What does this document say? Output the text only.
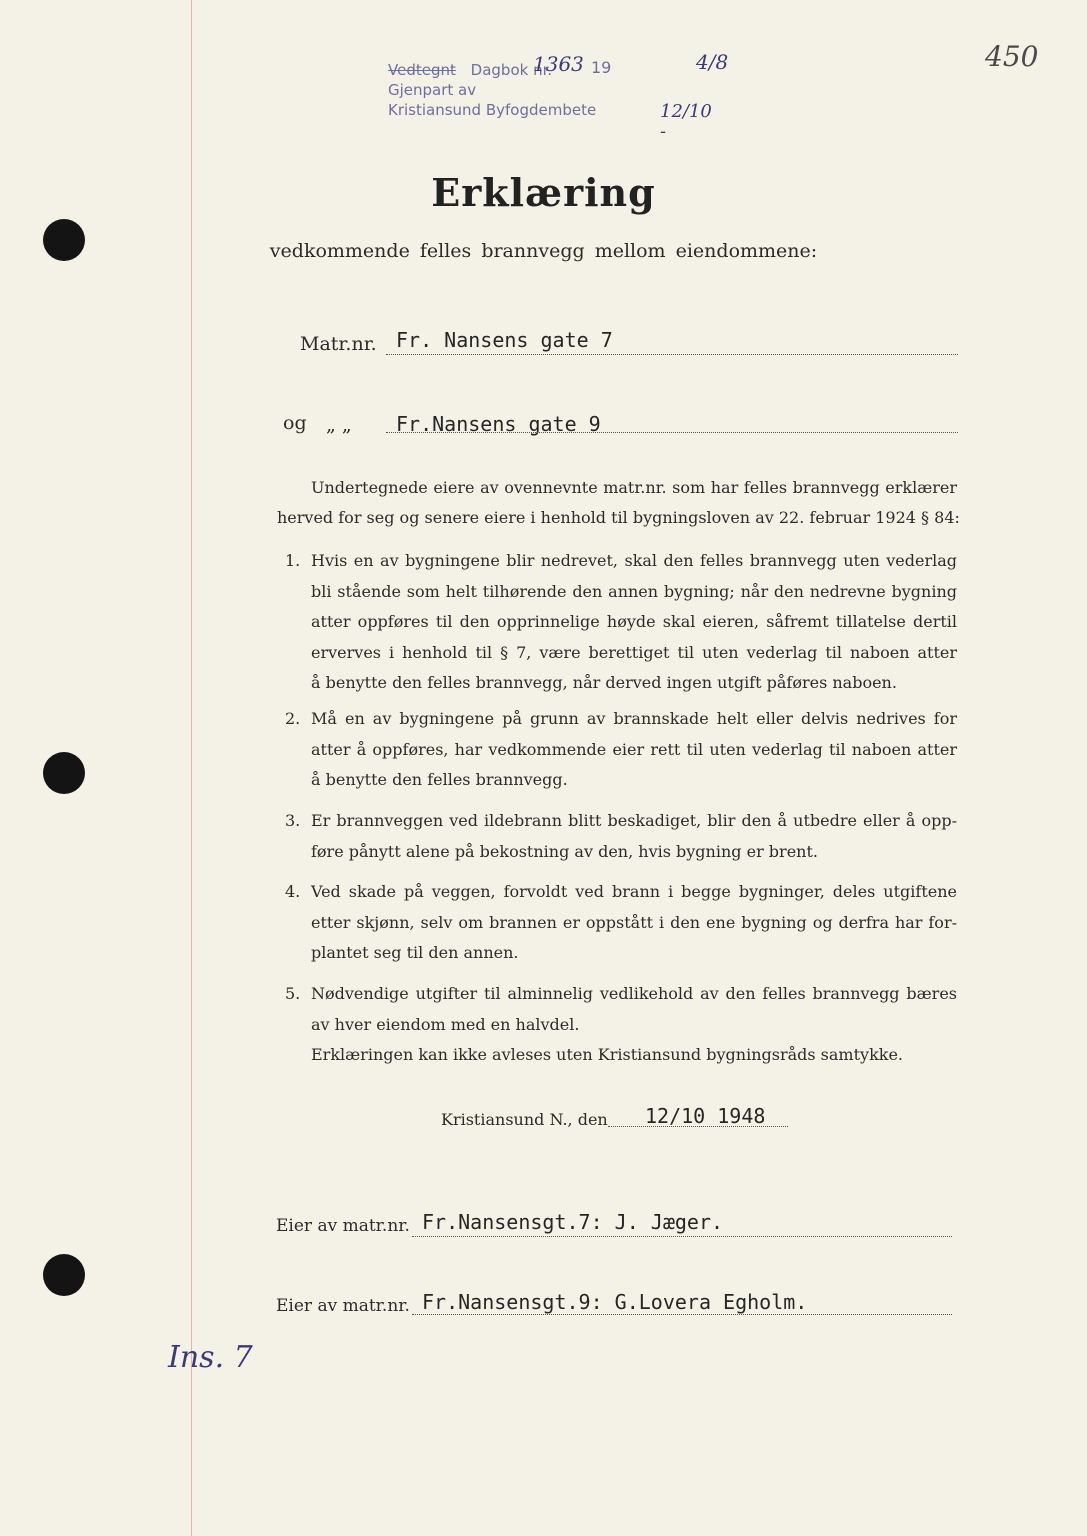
Vedtegnt Dagbok nr.
1363 19	4/8
Gjenpart av
Kristiansund Byfogdembete	12/10 -
450
Erklæring
vedkommende felles brannvegg mellom eiendommene:
Matr.nr. Fr. Nansens gate 7
og „ „ Fr.Nansens gate 9
Undertegnede eiere av ovennevnte matr.nr. som har felles brannvegg erklærer
herved for seg og senere eiere i henhold til bygningsloven av 22. februar 1924 § 84:
1. Hvis en av bygningene blir nedrevet, skal den felles brannvegg uten vederlag
bli stående som helt tilhørende den annen bygning; når den nedrevne bygning
atter oppføres til den opprinnelige høyde skal eieren, såfremt tillatelse dertil
erverves i henhold til § 7, være berettiget til uten vederlag til naboen atter
å benytte den felles brannvegg, når derved ingen utgift påføres naboen.
2. Må en av bygningene på grunn av brannskade helt eller delvis nedrives for
atter å oppføres, har vedkommende eier rett til uten vederlag til naboen atter
å benytte den felles brannvegg.
3. Er brannveggen ved ildebrann blitt beskadiget, blir den å utbedre eller å opp-
føre pånytt alene på bekostning av den, hvis bygning er brent.
4. Ved skade på veggen, forvoldt ved brann i begge bygninger, deles utgiftene
etter skjønn, selv om brannen er oppstått i den ene bygning og derfra har for-
plantet seg til den annen.
5. Nødvendige utgifter til alminnelig vedlikehold av den felles brannvegg bæres
av hver eiendom med en halvdel.
Erklæringen kan ikke avleses uten Kristiansund bygningsråds samtykke.
Kristiansund N., den 12/10 1948
Eier av matr.nr. Fr.Nansensgt.7: J. Jæger.
Eier av matr.nr. Fr.Nansensgt.9: G.Lovera Egholm.
Ins. 7
